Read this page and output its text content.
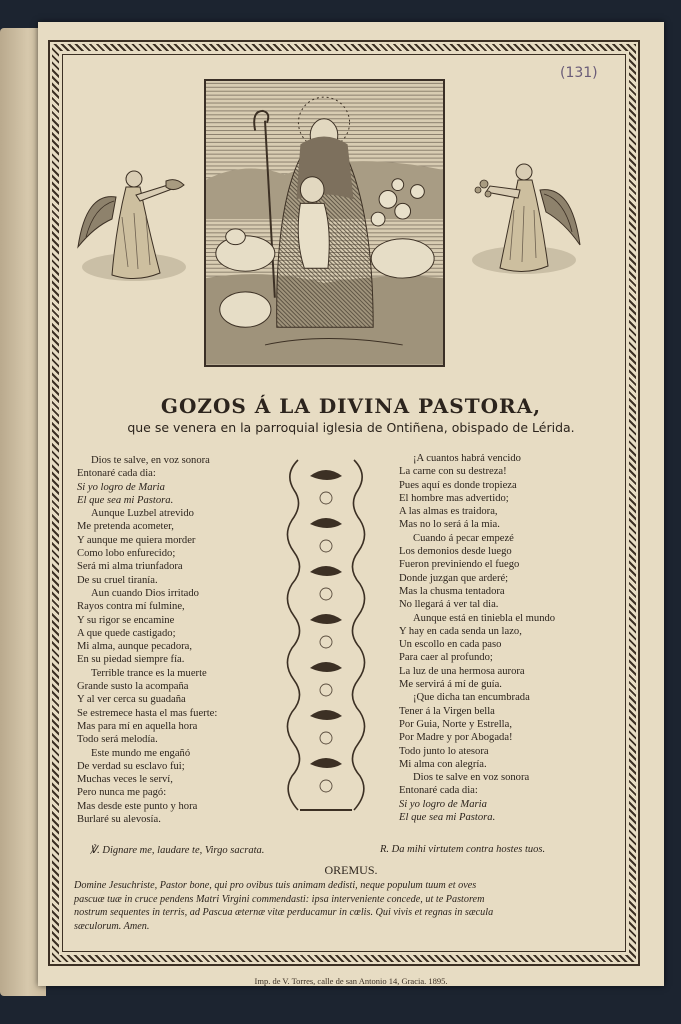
(131)
GOZOS Á LA DIVINA PASTORA,
que se venera en la parroquial iglesia de Ontiñena, obispado de Lérida.
Dios te salve, en voz sonora
Entonaré cada dia:
Si yo logro de Maria
El que sea mi Pastora.
Aunque Luzbel atrevido
Me pretenda acometer,
Y aunque me quiera morder
Como lobo enfurecido;
Será mi alma triunfadora
De su cruel tiranía.
Aun cuando Dios irritado
Rayos contra mí fulmine,
Y su rigor se encamine
A que quede castigado;
Mi alma, aunque pecadora,
En su piedad siempre fía.
Terrible trance es la muerte
Grande susto la acompaña
Y al ver cerca su guadaña
Se estremece hasta el mas fuerte:
Mas para mí en aquella hora
Todo será melodía.
Este mundo me engañó
De verdad su esclavo fui;
Muchas veces le serví,
Pero nunca me pagó:
Mas desde este punto y hora
Burlaré su alevosía.
¡A cuantos habrá vencido
La carne con su destreza!
Pues aquí es donde tropieza
El hombre mas advertido;
A las almas es traidora,
Mas no lo será á la mia.
Cuando á pecar empezé
Los demonios desde luego
Fueron previniendo el fuego
Donde juzgan que arderé;
Mas la chusma tentadora
No llegará á ver tal dia.
Aunque está en tiniebla el mundo
Y hay en cada senda un lazo,
Un escollo en cada paso
Para caer al profundo;
La luz de una hermosa aurora
Me servirá á mí de guía.
¡Que dicha tan encumbrada
Tener á la Virgen bella
Por Guia, Norte y Estrella,
Por Madre y por Abogada!
Todo junto lo atesora
Mi alma con alegría.
Dios te salve en voz sonora
Entonaré cada dia:
Si yo logro de Maria
El que sea mi Pastora.
℣. Dignare me, laudare te, Virgo sacrata.	R. Da mihi virtutem contra hostes tuos.
OREMUS.
Domine Jesuchriste, Pastor bone, qui pro ovibus tuis animam dedisti, neque populum tuum et oves
pascuæ tuæ in cruce pendens Matri Virgini commendasti: ipsa interveniente concede, ut te Pastorem
nostrum sequentes in terris, ad Pascua æternæ vitæ perducamur in cœlis. Qui vivis et regnas in sæcula
sæculorum. Amen.
Imp. de V. Torres, calle de san Antonio 14, Gracia. 1895.
